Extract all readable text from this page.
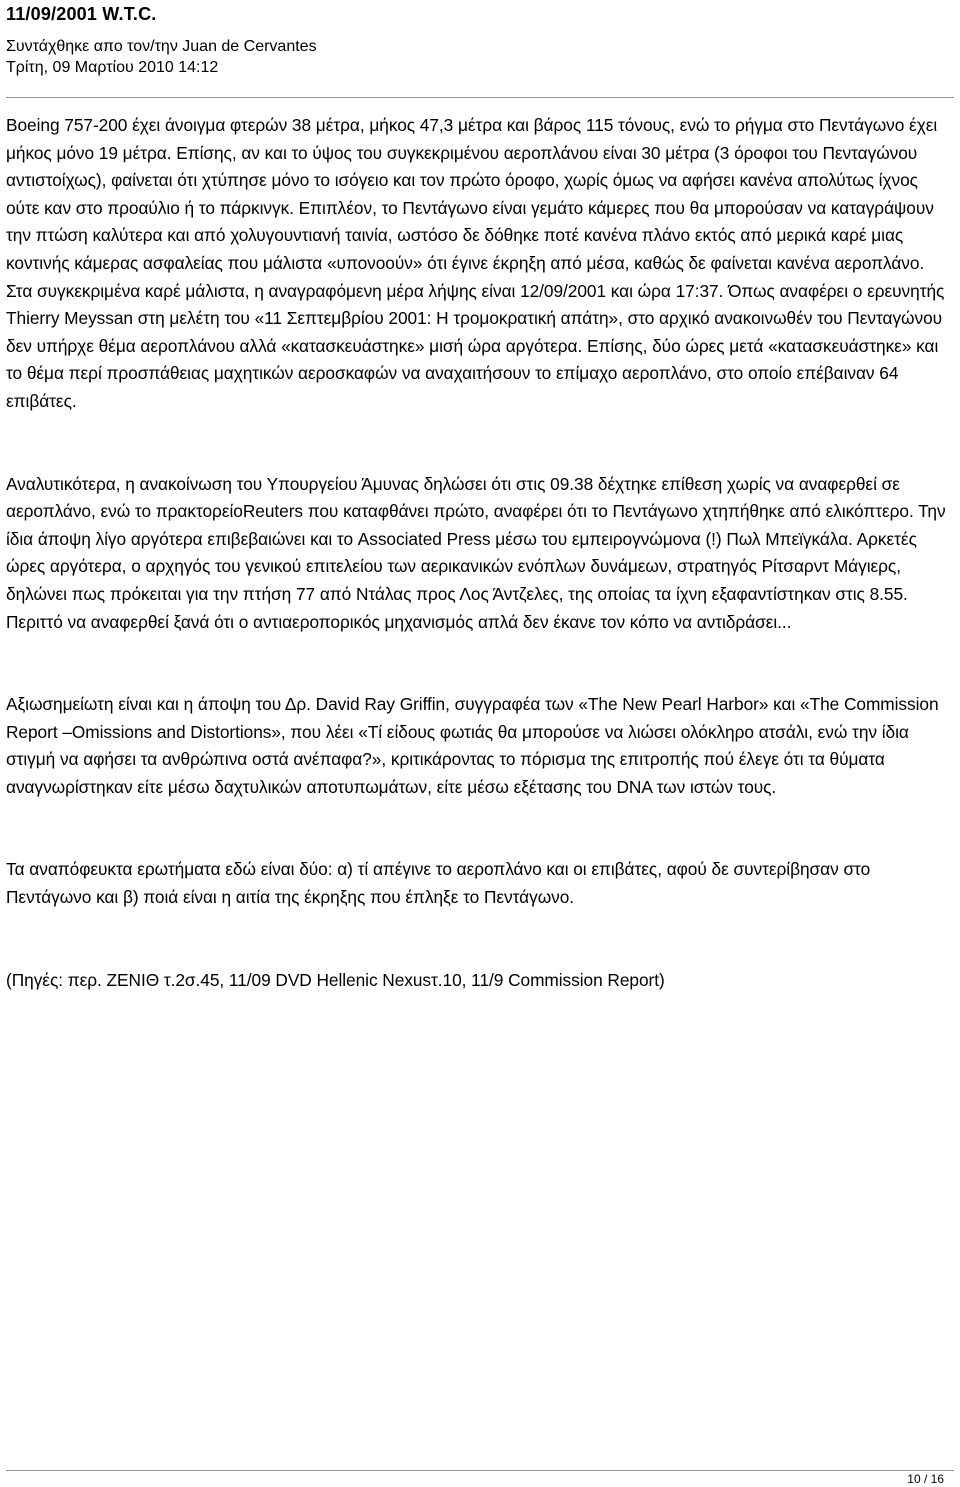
11/09/2001 W.T.C.

Συντάχθηκε απο τον/την Juan de Cervantes

Τρίτη, 09 Μαρτίου 2010 14:12

Boeing 757-200 έχει άνοιγμα φτερών 38 μέτρα, μήκος 47,3 μέτρα και βάρος 115 τόνους, ενώ το ρήγμα στο Πεντάγωνο έχει μήκος μόνο 19 μέτρα. Επίσης, αν και το ύψος του συγκεκριμένου αεροπλάνου είναι 30 μέτρα (3 όροφοι του Πενταγώνου αντιστοίχως), φαίνεται ότι χτύπησε μόνο το ισόγειο και τον πρώτο όροφο, χωρίς όμως να αφήσει κανένα απολύτως ίχνος ούτε καν στο προαύλιο ή το πάρκινγκ. Επιπλέον, το Πεντάγωνο είναι γεμάτο κάμερες που θα μπορούσαν να καταγράψουν την πτώση καλύτερα και από χολυγουντιανή ταινία, ωστόσο δε δόθηκε ποτέ κανένα πλάνο εκτός από μερικά καρέ μιας κοντινής κάμερας ασφαλείας που μάλιστα «υπονοούν» ότι έγινε έκρηξη από μέσα, καθώς δε φαίνεται κανένα αεροπλάνο. Στα συγκεκριμένα καρέ μάλιστα, η αναγραφόμενη μέρα λήψης είναι 12/09/2001 και ώρα 17:37. Όπως αναφέρει ο ερευνητής Thierry Meyssan στη μελέτη του «11 Σεπτεμβρίου 2001: Η τρομοκρατική απάτη», στο αρχικό ανακοινωθέν του Πενταγώνου δεν υπήρχε θέμα αεροπλάνου αλλά «κατασκευάστηκε» μισή ώρα αργότερα. Επίσης, δύο ώρες μετά «κατασκευάστηκε» και το θέμα περί προσπάθειας μαχητικών αεροσκαφών να αναχαιτήσουν το επίμαχο αεροπλάνο, στο οποίο επέβαιναν 64 επιβάτες.

Αναλυτικότερα, η ανακοίνωση του Υπουργείου Άμυνας δηλώσει ότι στις 09.38 δέχτηκε επίθεση χωρίς να αναφερθεί σε αεροπλάνο, ενώ το πρακτορείοReuters που καταφθάνει πρώτο, αναφέρει ότι το Πεντάγωνο χτηπήθηκε από ελικόπτερο. Την ίδια άποψη λίγο αργότερα επιβεβαιώνει και το Associated Press μέσω του εμπειρογνώμονα (!) Πωλ Μπεϊγκάλα. Αρκετές ώρες αργότερα, ο αρχηγός του γενικού επιτελείου των αερικανικών ενόπλων δυνάμεων, στρατηγός Ρίτσαρντ Μάγιερς, δηλώνει πως πρόκειται για την πτήση 77 από Ντάλας προς Λος Άντζελες, της οποίας τα ίχνη εξαφαντίστηκαν στις 8.55. Περιττό να αναφερθεί ξανά ότι ο αντιαεροπορικός μηχανισμός απλά δεν έκανε τον κόπο να αντιδράσει...

Αξιωσημείωτη είναι και η άποψη του Δρ. David Ray Griffin, συγγραφέα των «The New Pearl Harbor» και «The Commission Report –Omissions and Distortions», που λέει «Τί είδους φωτιάς θα μπορούσε να λιώσει ολόκληρο ατσάλι, ενώ την ίδια στιγμή να αφήσει τα ανθρώπινα οστά ανέπαφα?», κριτικάροντας το πόρισμα της επιτροπής πού έλεγε ότι τα θύματα αναγνωρίστηκαν είτε μέσω δαχτυλικών αποτυπωμάτων, είτε μέσω εξέτασης του DNA των ιστών τους.

Τα αναπόφευκτα ερωτήματα εδώ είναι δύο: α) τί απέγινε το αεροπλάνο και οι επιβάτες, αφού δε συντερίβησαν στο Πεντάγωνο και β) ποιά είναι η αιτία της έκρηξης που έπληξε το Πεντάγωνο.

(Πηγές: περ. ΖΕΝΙΘ τ.2σ.45, 11/09 DVD Hellenic Nexusτ.10, 11/9 Commission Report)

10 / 16
